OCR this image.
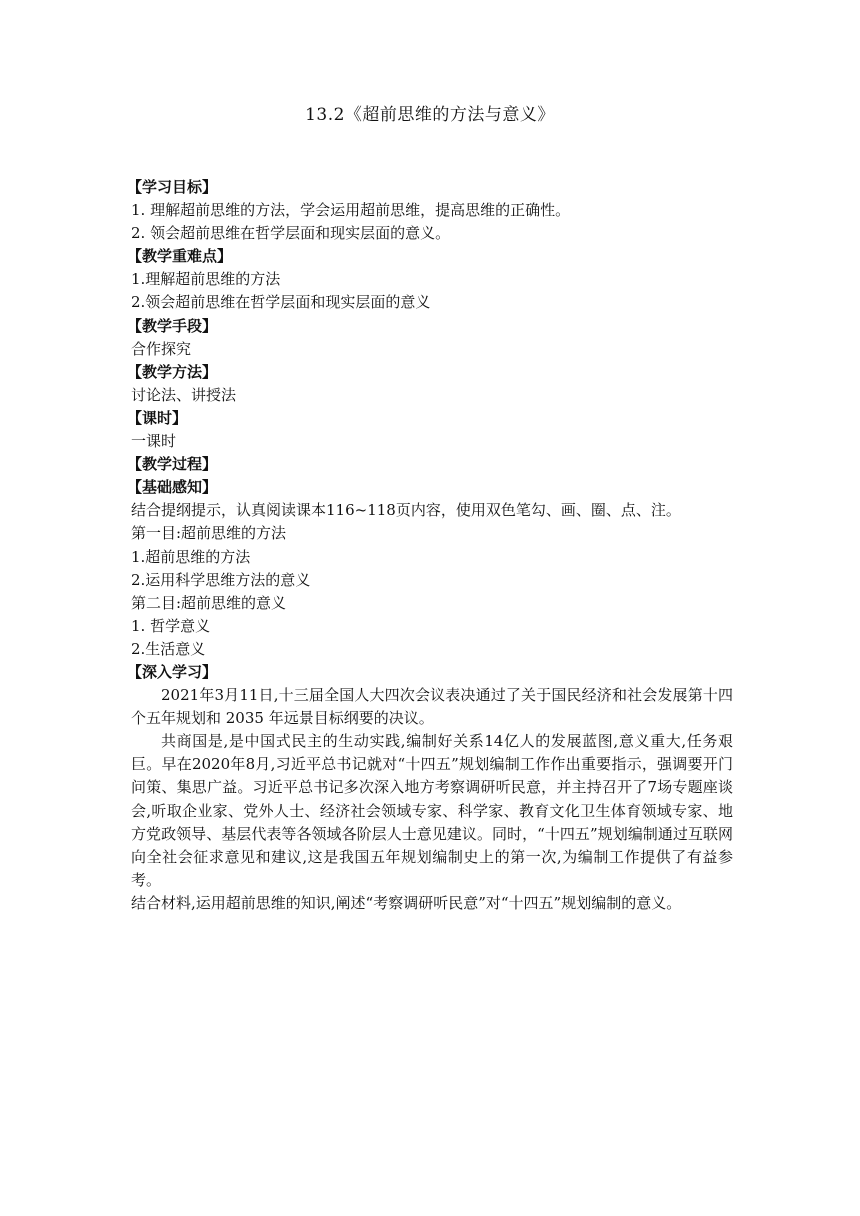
13.2《超前思维的方法与意义》
【学习目标】
1. 理解超前思维的方法，学会运用超前思维，提高思维的正确性。
2. 领会超前思维在哲学层面和现实层面的意义。
【教学重难点】
1.理解超前思维的方法
2.领会超前思维在哲学层面和现实层面的意义
【教学手段】
合作探究
【教学方法】
讨论法、讲授法
【课时】
一课时
【教学过程】
【基础感知】
结合提纲提示，认真阅读课本116~118页内容，使用双色笔勾、画、圈、点、注。
第一目:超前思维的方法
1.超前思维的方法
2.运用科学思维方法的意义
第二目:超前思维的意义
1. 哲学意义
2.生活意义
【深入学习】

2021年3月11日,十三届全国人大四次会议表决通过了关于国民经济和社会发展第十四个五年规划和 2035 年远景目标纲要的决议。

共商国是,是中国式民主的生动实践,编制好关系14亿人的发展蓝图,意义重大,任务艰巨。早在2020年8月,习近平总书记就对“十四五”规划编制工作作出重要指示，强调要开门问策、集思广益。习近平总书记多次深入地方考察调研听民意，并主持召开了7场专题座谈会,听取企业家、党外人士、经济社会领域专家、科学家、教育文化卫生体育领域专家、地方党政领导、基层代表等各领域各阶层人士意见建议。同时，“十四五”规划编制通过互联网向全社会征求意见和建议,这是我国五年规划编制史上的第一次,为编制工作提供了有益参考。

结合材料,运用超前思维的知识,阐述“考察调研听民意”对“十四五”规划编制的意义。
